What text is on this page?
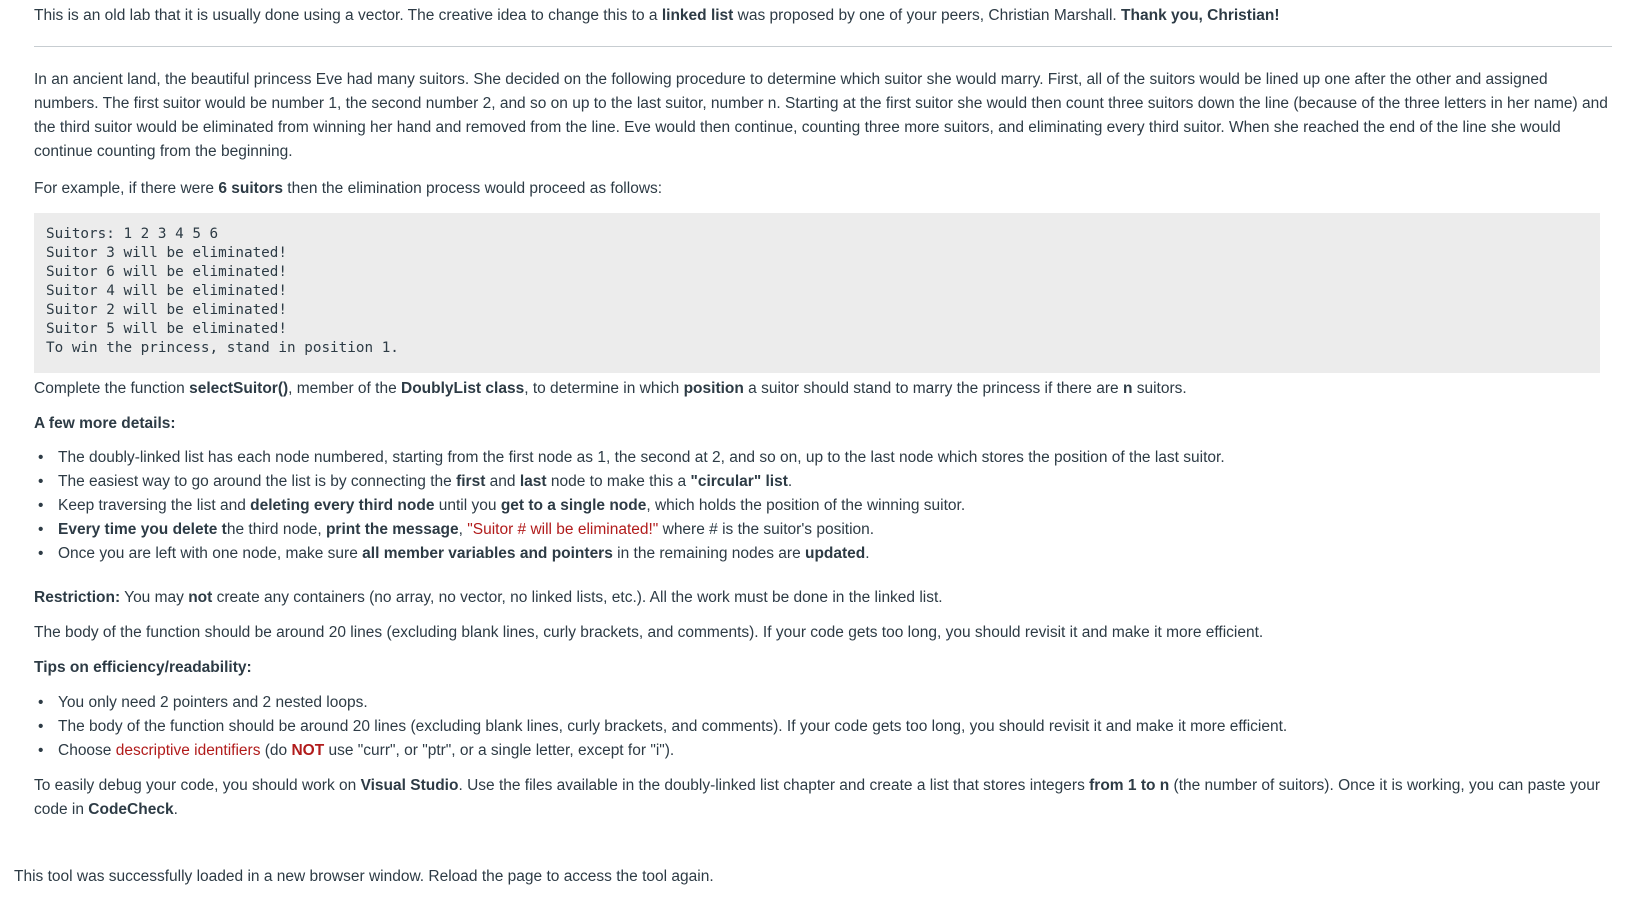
This is an old lab that it is usually done using a vector. The creative idea to change this to a linked list was proposed by one of your peers, Christian Marshall. Thank you, Christian!

In an ancient land, the beautiful princess Eve had many suitors. She decided on the following procedure to determine which suitor she would marry. First, all of the suitors would be lined up one after the other and assigned numbers. The first suitor would be number 1, the second number 2, and so on up to the last suitor, number n. Starting at the first suitor she would then count three suitors down the line (because of the three letters in her name) and the third suitor would be eliminated from winning her hand and removed from the line. Eve would then continue, counting three more suitors, and eliminating every third suitor. When she reached the end of the line she would continue counting from the beginning.

For example, if there were 6 suitors then the elimination process would proceed as follows:

Suitors: 1 2 3 4 5 6
Suitor 3 will be eliminated!
Suitor 6 will be eliminated!
Suitor 4 will be eliminated!
Suitor 2 will be eliminated!
Suitor 5 will be eliminated!
To win the princess, stand in position 1.

Complete the function selectSuitor(), member of the DoublyList class, to determine in which position a suitor should stand to marry the princess if there are n suitors.

A few more details:

• The doubly-linked list has each node numbered, starting from the first node as 1, the second at 2, and so on, up to the last node which stores the position of the last suitor.
• The easiest way to go around the list is by connecting the first and last node to make this a "circular" list.
• Keep traversing the list and deleting every third node until you get to a single node, which holds the position of the winning suitor.
• Every time you delete the third node, print the message, "Suitor # will be eliminated!" where # is the suitor's position.
• Once you are left with one node, make sure all member variables and pointers in the remaining nodes are updated.

Restriction: You may not create any containers (no array, no vector, no linked lists, etc.). All the work must be done in the linked list.

The body of the function should be around 20 lines (excluding blank lines, curly brackets, and comments). If your code gets too long, you should revisit it and make it more efficient.

Tips on efficiency/readability:

• You only need 2 pointers and 2 nested loops.
• The body of the function should be around 20 lines (excluding blank lines, curly brackets, and comments). If your code gets too long, you should revisit it and make it more efficient.
• Choose descriptive identifiers (do NOT use "curr", or "ptr", or a single letter, except for "i").

To easily debug your code, you should work on Visual Studio. Use the files available in the doubly-linked list chapter and create a list that stores integers from 1 to n (the number of suitors). Once it is working, you can paste your code in CodeCheck.

This tool was successfully loaded in a new browser window. Reload the page to access the tool again.
